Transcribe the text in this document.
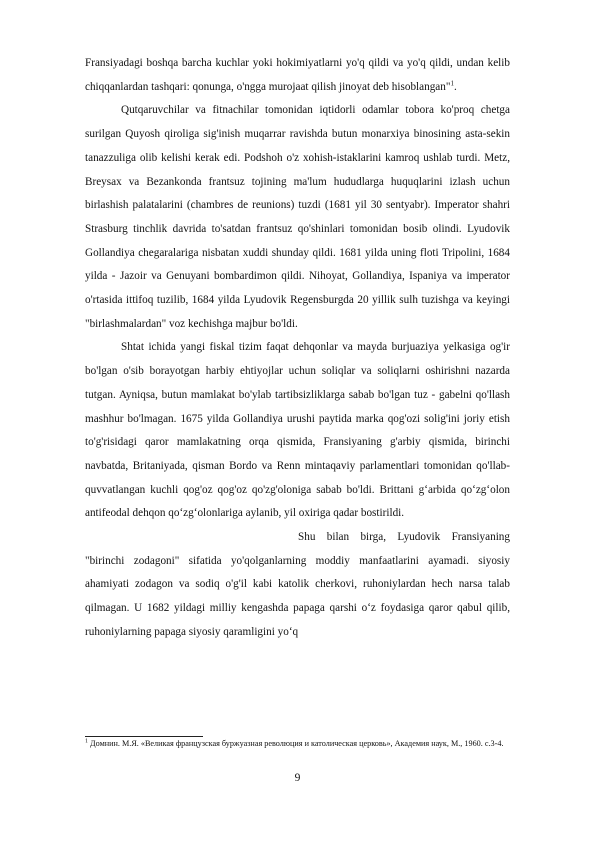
Fransiyadagi boshqa barcha kuchlar yoki hokimiyatlarni yo'q qildi va yo'q qildi, undan kelib chiqqanlardan tashqari: qonunga, o'ngga murojaat qilish jinoyat deb hisoblangan"$^1$.

Qutqaruvchilar va fitnachilar tomonidan iqtidorli odamlar tobora ko'proq chetga surilgan Quyosh qiroliga sig'inish muqarrar ravishda butun monarxiya binosining asta-sekin tanazzuliga olib kelishi kerak edi. Podshoh o'z xohish-istaklarini kamroq ushlab turdi. Metz, Breysax va Bezankonda frantsuz tojining ma'lum hududlarga huquqlarini izlash uchun birlashish palatalarini (chambres de reunions) tuzdi (1681 yil 30 sentyabr). Imperator shahri Strasburg tinchlik davrida to'satdan frantsuz qo'shinlari tomonidan bosib olindi. Lyudovik Gollandiya chegaralariga nisbatan xuddi shunday qildi. 1681 yilda uning floti Tripolini, 1684 yilda - Jazoir va Genuyani bombardimon qildi. Nihoyat, Gollandiya, Ispaniya va imperator o'rtasida ittifoq tuzilib, 1684 yilda Lyudovik Regensburgda 20 yillik sulh tuzishga va keyingi "birlashmalardan" voz kechishga majbur bo'ldi.

Shtat ichida yangi fiskal tizim faqat dehqonlar va mayda burjuaziya yelkasiga og'ir bo'lgan o'sib borayotgan harbiy ehtiyojlar uchun soliqlar va soliqlarni oshirishni nazarda tutgan. Ayniqsa, butun mamlakat bo'ylab tartibsizliklarga sabab bo'lgan tuz - gabelni qo'llash mashhur bo'lmagan. 1675 yilda Gollandiya urushi paytida marka qog'ozi solig'ini joriy etish to'g'risidagi qaror mamlakatning orqa qismida, Fransiyaning g'arbiy qismida, birinchi navbatda, Britaniyada, qisman Bordo va Renn mintaqaviy parlamentlari tomonidan qo'llab-quvvatlangan kuchli qog'oz qog'oz qo'zg'oloniga sabab bo'ldi. Brittani g‘arbida qo‘zg‘olon antifeodal dehqon qo‘zg‘olonlariga aylanib, yil oxiriga qadar bostirildi.

Shu bilan birga, Lyudovik Fransiyaning "birinchi zodagoni" sifatida yo'qolganlarning moddiy manfaatlarini ayamadi. siyosiy ahamiyati zodagon va sodiq o'g'il kabi katolik cherkovi, ruhoniylardan hech narsa talab qilmagan. U 1682 yildagi milliy kengashda papaga qarshi o‘z foydasiga qaror qabul qilib, ruhoniylarning papaga siyosiy qaramligini yo‘q

$^1$ Домнин. М.Я. «Великая французская буржуазная революция и католическая церковь», Академия наук, М., 1960. с.3-4.
9
